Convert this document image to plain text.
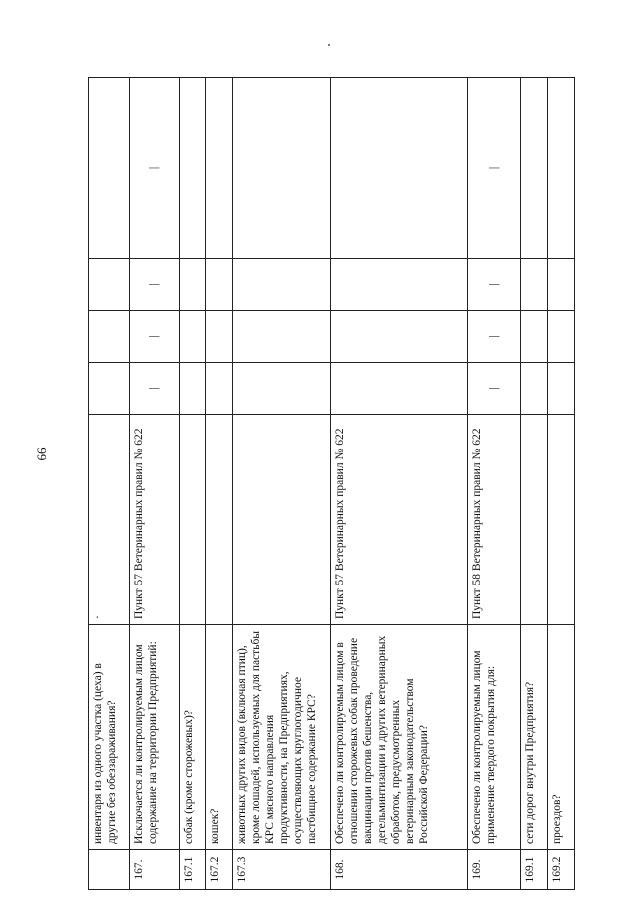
66
	инвентаря из одного участка (цеха) в другие без обеззараживания?	·				
167.	Исключается ли контролируемым лицом содержание на территории Предприятий:	Пункт 57 Ветеринарных правил № 622	|	|	|	|
167.1	собак (кроме сторожевых)?					
167.2	кошек?					
167.3	животных других видов (включая птиц), кроме лошадей, используемых для пастьбы КРС мясного направления продуктивности, на Предприятиях, осуществляющих круглогодичное пастбищное содержание КРС?					
168.	Обеспечено ли контролируемым лицом в отношении сторожевых собак проведение вакцинации против бешенства, дегельминтизации и других ветеринарных обработок, предусмотренных ветеринарным законодательством Российской Федерации?	Пункт 57 Ветеринарных правил № 622				
169.	Обеспечено ли контролируемым лицом применение твердого покрытия для:	Пункт 58 Ветеринарных правил № 622	|	|	|	|
169.1	сети дорог внутри Предприятия?					
169.2	проездов?					
